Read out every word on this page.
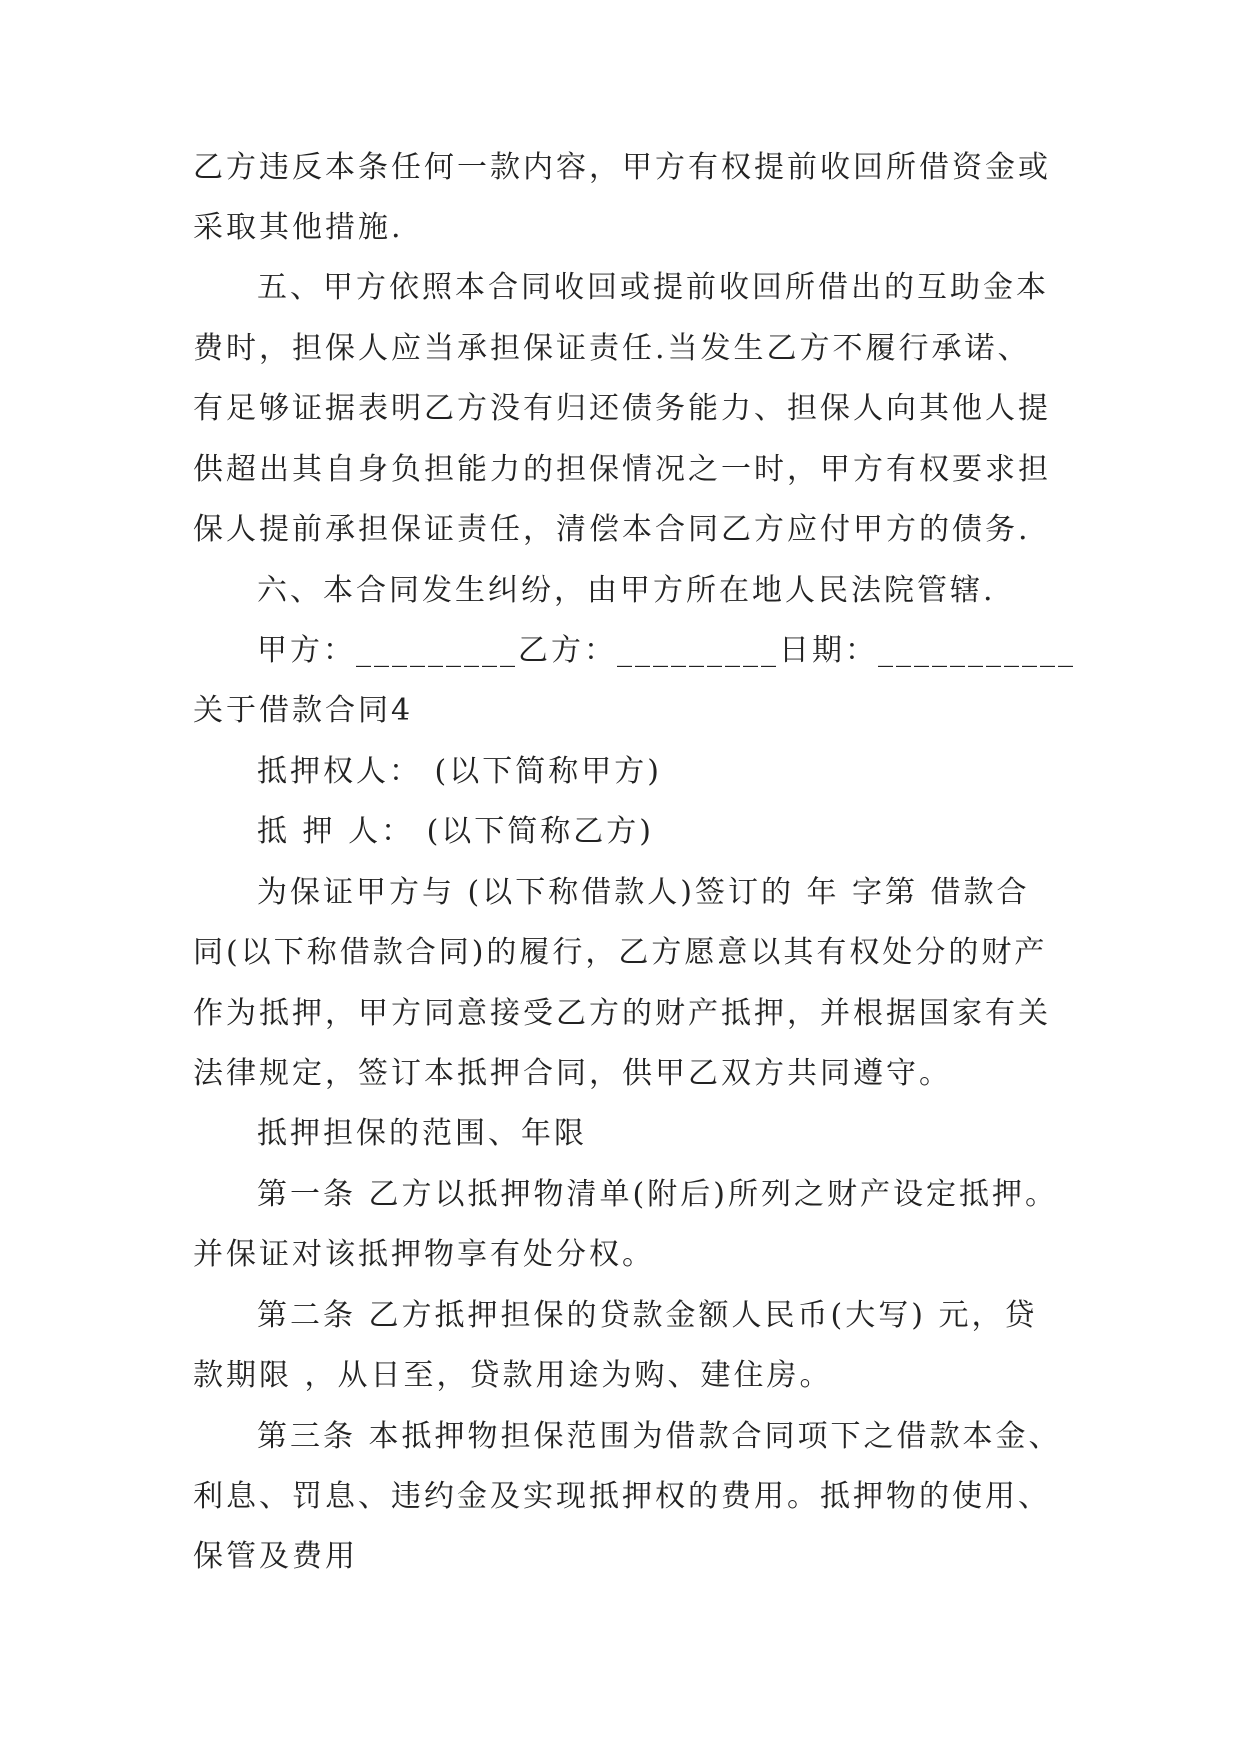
乙方违反本条任何一款内容，甲方有权提前收回所借资金或
采取其他措施.
五、甲方依照本合同收回或提前收回所借出的互助金本
费时，担保人应当承担保证责任.当发生乙方不履行承诺、
有足够证据表明乙方没有归还债务能力、担保人向其他人提
供超出其自身负担能力的担保情况之一时，甲方有权要求担
保人提前承担保证责任，清偿本合同乙方应付甲方的债务.
六、本合同发生纠纷，由甲方所在地人民法院管辖.
甲方：_________乙方：_________日期：___________
关于借款合同4
抵押权人： (以下简称甲方)
抵 押 人： (以下简称乙方)
为保证甲方与 (以下称借款人)签订的 年 字第 借款合
同(以下称借款合同)的履行，乙方愿意以其有权处分的财产
作为抵押，甲方同意接受乙方的财产抵押，并根据国家有关
法律规定，签订本抵押合同，供甲乙双方共同遵守。
抵押担保的范围、年限
第一条 乙方以抵押物清单(附后)所列之财产设定抵押。
并保证对该抵押物享有处分权。
第二条 乙方抵押担保的贷款金额人民币(大写) 元，贷
款期限 ，从日至，贷款用途为购、建住房。
第三条 本抵押物担保范围为借款合同项下之借款本金、
利息、罚息、违约金及实现抵押权的费用。抵押物的使用、
保管及费用
